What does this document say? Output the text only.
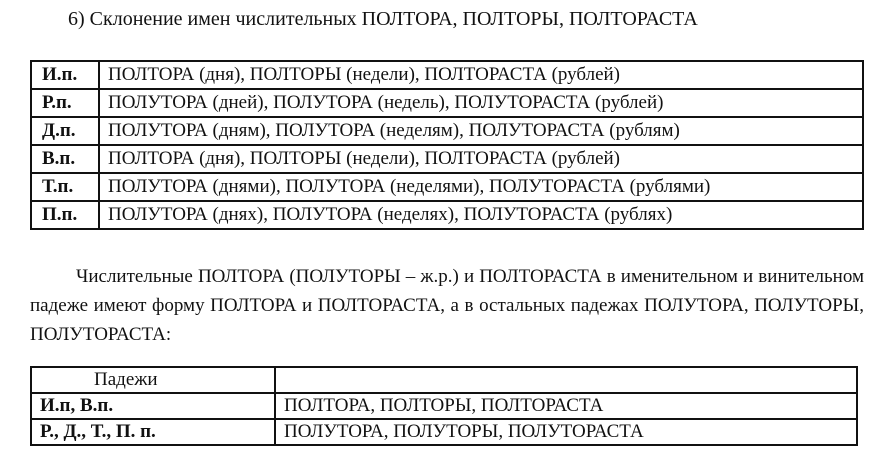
6) Склонение имен числительных ПОЛТОРА, ПОЛТОРЫ, ПОЛТОРАСТА
И.п.	ПОЛТОРА (дня), ПОЛТОРЫ (недели), ПОЛТОРАСТА (рублей)
Р.п.	ПОЛУТОРА (дней), ПОЛУТОРА (недель), ПОЛУТОРАСТА (рублей)
Д.п.	ПОЛУТОРА (дням), ПОЛУТОРА (неделям), ПОЛУТОРАСТА (рублям)
В.п.	ПОЛТОРА (дня), ПОЛТОРЫ (недели), ПОЛТОРАСТА (рублей)
Т.п.	ПОЛУТОРА (днями), ПОЛУТОРА (неделями), ПОЛУТОРАСТА (рублями)
П.п.	ПОЛУТОРА (днях), ПОЛУТОРА (неделях), ПОЛУТОРАСТА (рублях)
Числительные ПОЛТОРА (ПОЛУТОРЫ – ж.р.) и ПОЛТОРАСТА в именительном и винительном падеже имеют форму ПОЛТОРА и ПОЛТОРАСТА, а в остальных падежах ПОЛУТОРА, ПОЛУТОРЫ, ПОЛУТОРАСТА:
Падежи	
И.п, В.п.	ПОЛТОРА, ПОЛТОРЫ, ПОЛТОРАСТА
Р., Д., Т., П. п.	ПОЛУТОРА, ПОЛУТОРЫ, ПОЛУТОРАСТА
